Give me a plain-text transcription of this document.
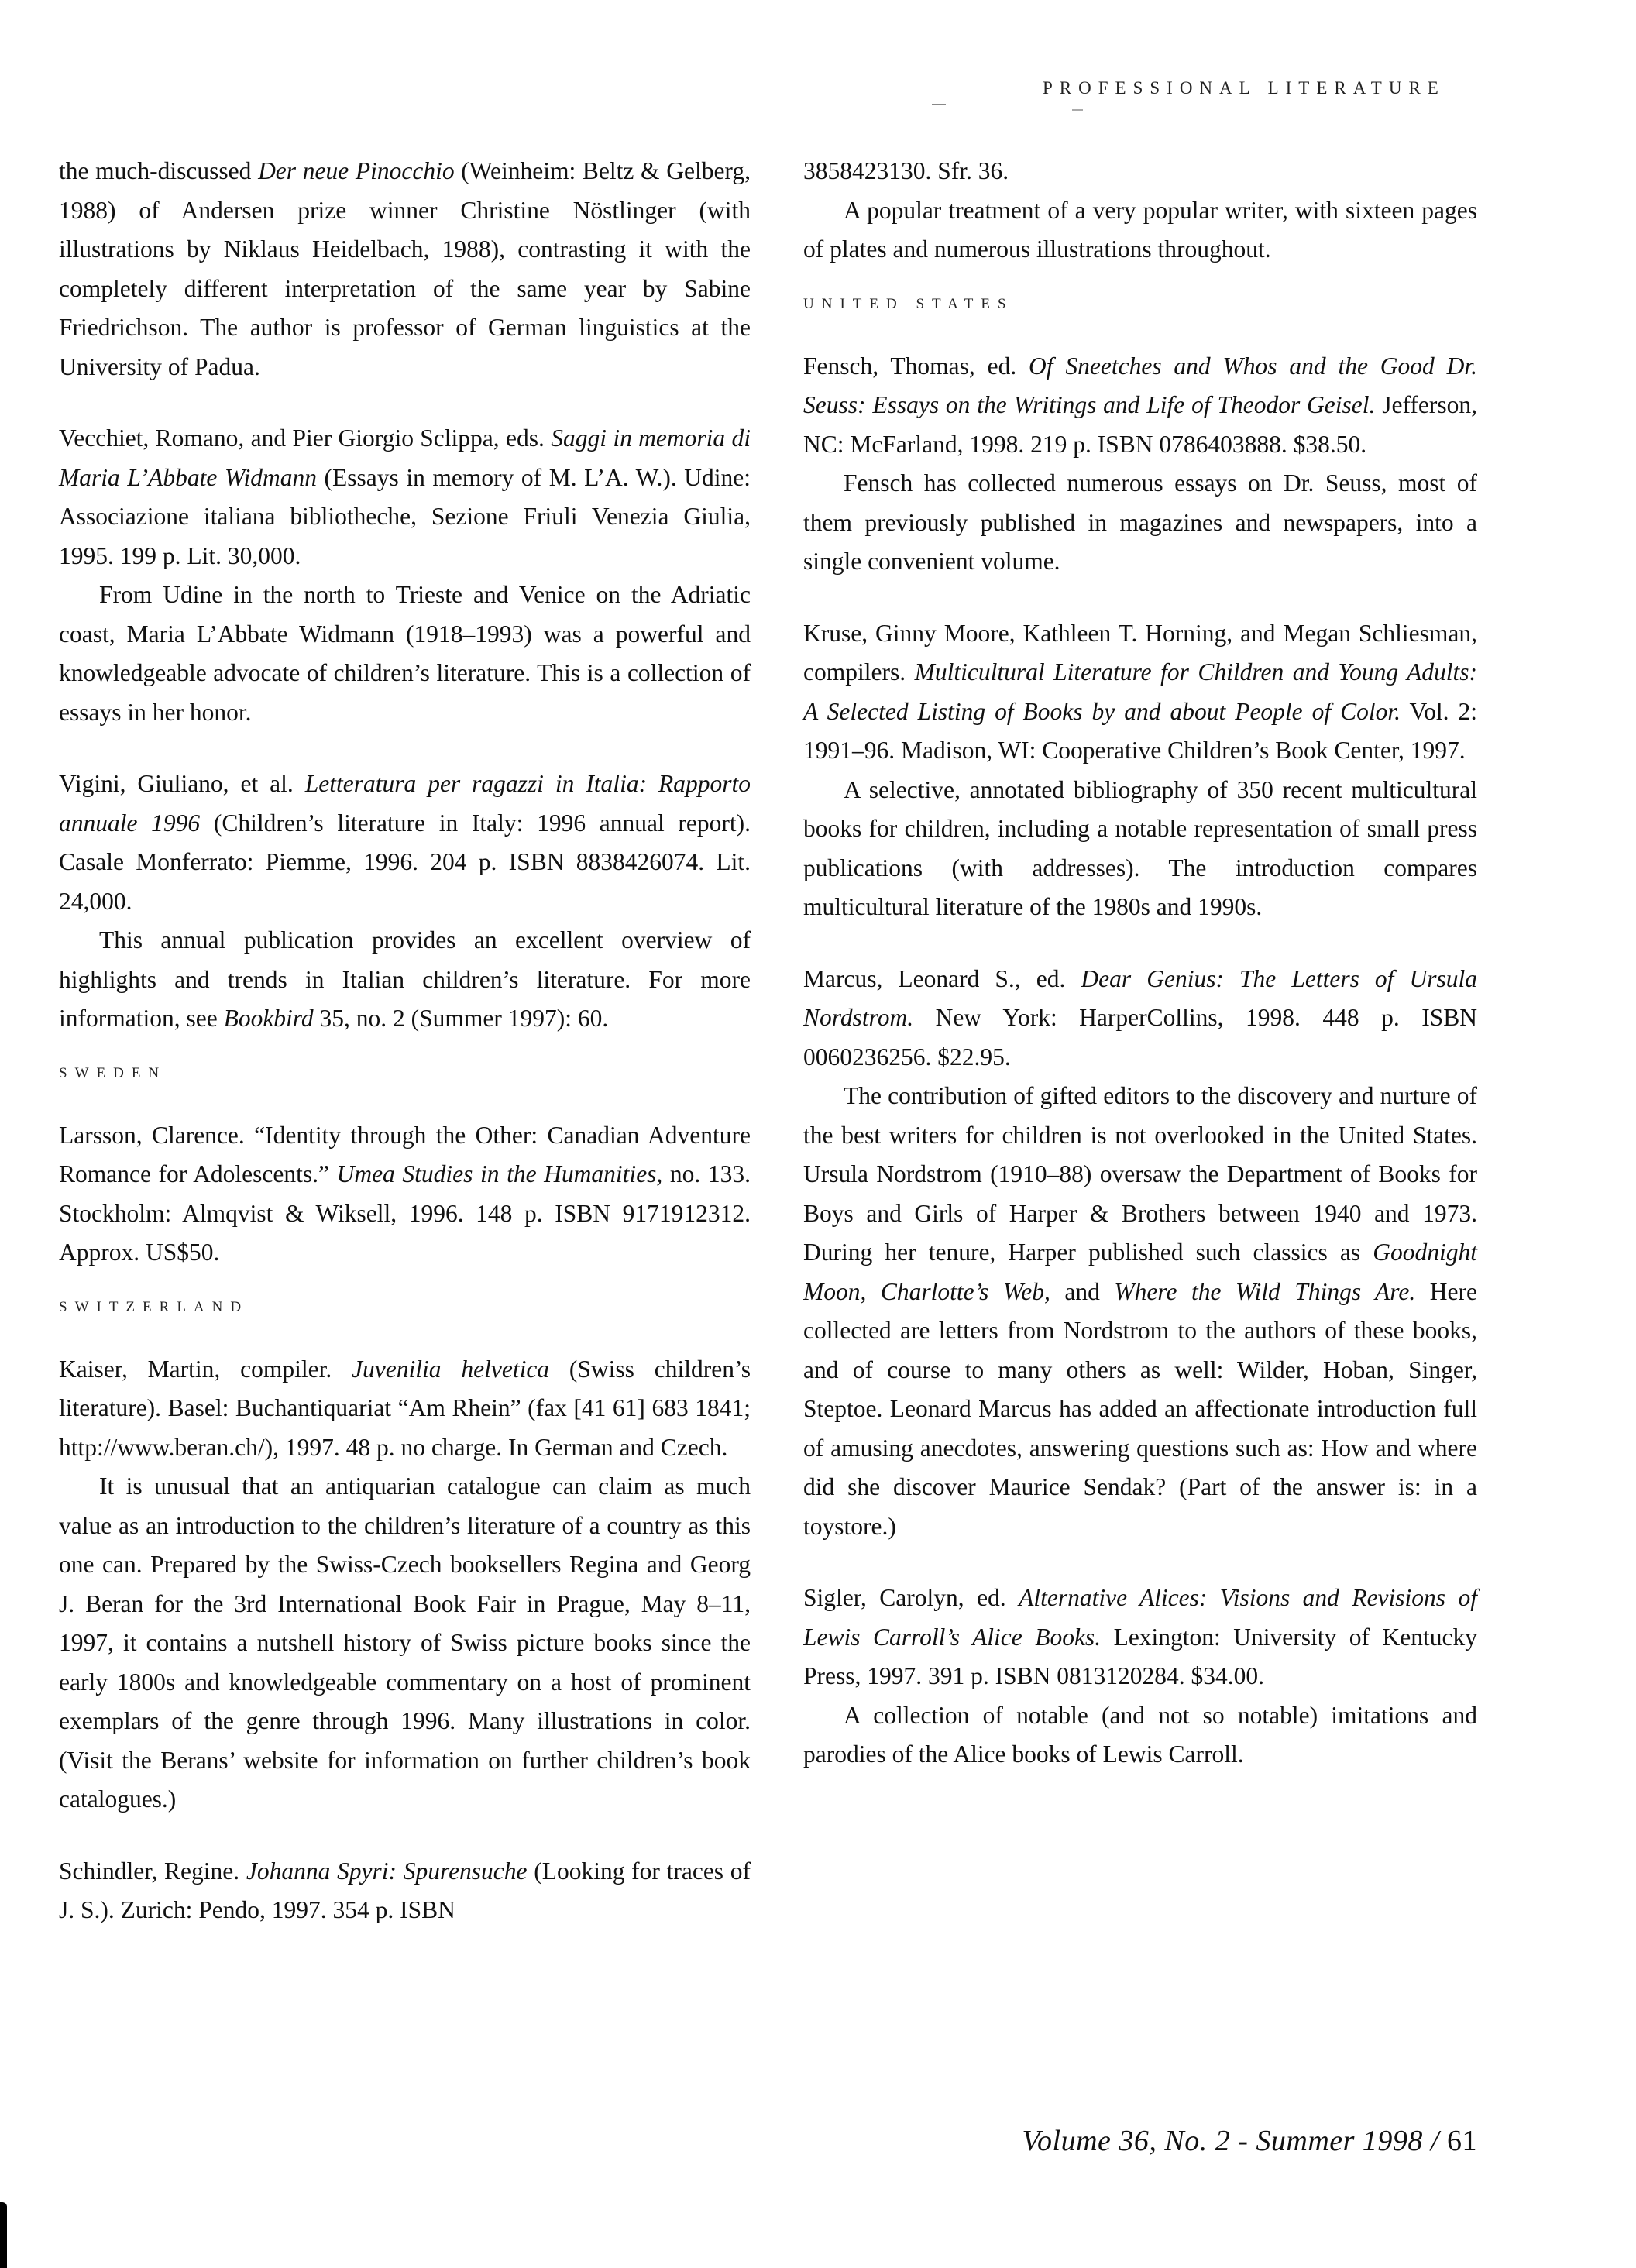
PROFESSIONAL LITERATURE

the much-discussed Der neue Pinocchio (Weinheim: Beltz & Gelberg, 1988) of Andersen prize winner Christine Nöstlinger (with illustrations by Niklaus Heidelbach, 1988), contrasting it with the completely different interpretation of the same year by Sabine Friedrichson. The author is professor of German linguistics at the University of Padua.

Vecchiet, Romano, and Pier Giorgio Sclippa, eds. Saggi in memoria di Maria L’Abbate Widmann (Essays in memory of M. L’A. W.). Udine: Associazione italiana bibliotheche, Sezione Friuli Venezia Giulia, 1995. 199 p. Lit. 30,000.

From Udine in the north to Trieste and Venice on the Adriatic coast, Maria L’Abbate Widmann (1918–1993) was a powerful and knowledgeable advocate of children’s literature. This is a collection of essays in her honor.

Vigini, Giuliano, et al. Letteratura per ragazzi in Italia: Rapporto annuale 1996 (Children’s literature in Italy: 1996 annual report). Casale Monferrato: Piemme, 1996. 204 p. ISBN 8838426074. Lit. 24,000.

This annual publication provides an excellent overview of highlights and trends in Italian children’s literature. For more information, see Bookbird 35, no. 2 (Summer 1997): 60.

SWEDEN

Larsson, Clarence. “Identity through the Other: Canadian Adventure Romance for Adolescents.” Umea Studies in the Humanities, no. 133. Stockholm: Almqvist & Wiksell, 1996. 148 p. ISBN 9171912312. Approx. US$50.

SWITZERLAND

Kaiser, Martin, compiler. Juvenilia helvetica (Swiss children’s literature). Basel: Buchantiquariat “Am Rhein” (fax [41 61] 683 1841; http://www.beran.ch/), 1997. 48 p. no charge. In German and Czech.

It is unusual that an antiquarian catalogue can claim as much value as an introduction to the children’s literature of a country as this one can. Prepared by the Swiss-Czech booksellers Regina and Georg J. Beran for the 3rd International Book Fair in Prague, May 8–11, 1997, it contains a nutshell history of Swiss picture books since the early 1800s and knowledgeable commentary on a host of prominent exemplars of the genre through 1996. Many illustrations in color. (Visit the Berans’ website for information on further children’s book catalogues.)

Schindler, Regine. Johanna Spyri: Spurensuche (Looking for traces of J. S.). Zurich: Pendo, 1997. 354 p. ISBN

3858423130. Sfr. 36.

A popular treatment of a very popular writer, with sixteen pages of plates and numerous illustrations throughout.

UNITED STATES

Fensch, Thomas, ed. Of Sneetches and Whos and the Good Dr. Seuss: Essays on the Writings and Life of Theodor Geisel. Jefferson, NC: McFarland, 1998. 219 p. ISBN 0786403888. $38.50.

Fensch has collected numerous essays on Dr. Seuss, most of them previously published in magazines and newspapers, into a single convenient volume.

Kruse, Ginny Moore, Kathleen T. Horning, and Megan Schliesman, compilers. Multicultural Literature for Children and Young Adults: A Selected Listing of Books by and about People of Color. Vol. 2: 1991–96. Madison, WI: Cooperative Children’s Book Center, 1997.

A selective, annotated bibliography of 350 recent multicultural books for children, including a notable representation of small press publications (with addresses). The introduction compares multicultural literature of the 1980s and 1990s.

Marcus, Leonard S., ed. Dear Genius: The Letters of Ursula Nordstrom. New York: HarperCollins, 1998. 448 p. ISBN 0060236256. $22.95.

The contribution of gifted editors to the discovery and nurture of the best writers for children is not overlooked in the United States. Ursula Nordstrom (1910–88) oversaw the Department of Books for Boys and Girls of Harper & Brothers between 1940 and 1973. During her tenure, Harper published such classics as Goodnight Moon, Charlotte’s Web, and Where the Wild Things Are. Here collected are letters from Nordstrom to the authors of these books, and of course to many others as well: Wilder, Hoban, Singer, Steptoe. Leonard Marcus has added an affectionate introduction full of amusing anecdotes, answering questions such as: How and where did she discover Maurice Sendak? (Part of the answer is: in a toystore.)

Sigler, Carolyn, ed. Alternative Alices: Visions and Revisions of Lewis Carroll’s Alice Books. Lexington: University of Kentucky Press, 1997. 391 p. ISBN 0813120284. $34.00.

A collection of notable (and not so notable) imitations and parodies of the Alice books of Lewis Carroll.

Volume 36, No. 2 - Summer 1998 / 61
